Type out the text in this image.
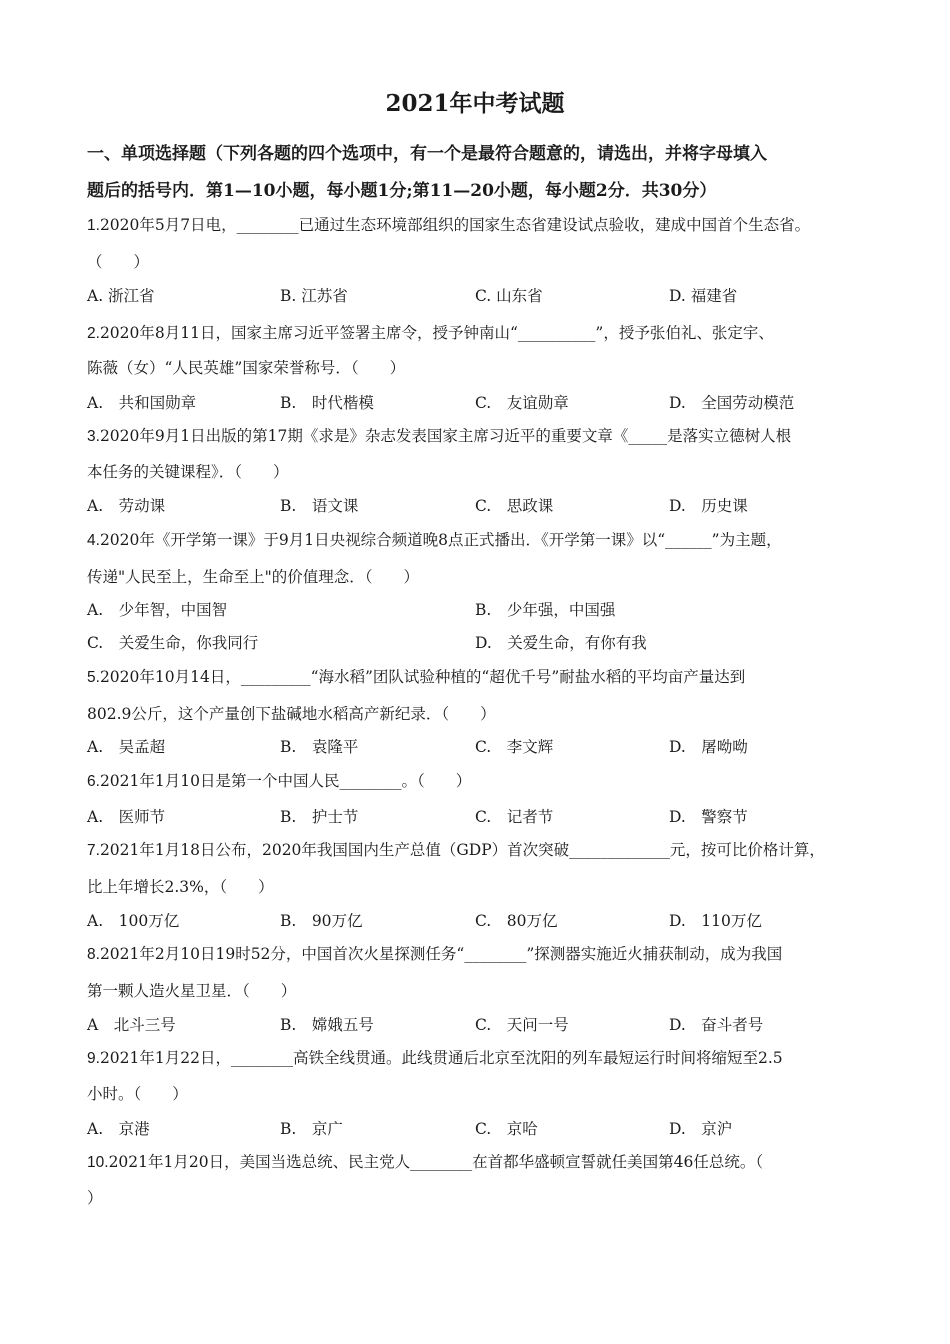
2021年中考试题
一、单项选择题（下列各题的四个选项中，有一个是最符合题意的，请选出，并将字母填入
题后的括号内．第1—10小题，每小题1分;第11—20小题，每小题2分．共30分）
1.2020年5月7日电，________已通过生态环境部组织的国家生态省建设试点验收，建成中国首个生态省。
（　　）
A. 浙江省	B. 江苏省	C. 山东省	D. 福建省
2.2020年8月11日，国家主席习近平签署主席令，授予钟南山“__________”，授予张伯礼、张定宇、
陈薇（女）“人民英雄”国家荣誉称号．（　　）
A.　共和国勋章	B.　时代楷模	C.　友谊勋章	D.　全国劳动模范
3.2020年9月1日出版的第17期《求是》杂志发表国家主席习近平的重要文章《_____是落实立德树人根
本任务的关键课程》．（　　）
A.　劳动课	B.　语文课	C.　思政课	D.　历史课
4.2020年《开学第一课》于9月1日央视综合频道晚8点正式播出．《开学第一课》以“______”为主题，
传递"人民至上，生命至上"的价值理念．（　　）
A.　少年智，中国智	B.　少年强，中国强
C.　关爱生命，你我同行	D.　关爱生命，有你有我
5.2020年10月14日，_________“海水稻”团队试验种植的“超优千号”耐盐水稻的平均亩产量达到
802.9公斤，这个产量创下盐碱地水稻高产新纪录．（　　）
A.　吴孟超	B.　袁隆平	C.　李文辉	D.　屠呦呦
6.2021年1月10日是第一个中国人民________。（　　）
A.　医师节	B.　护士节	C.　记者节	D.　警察节
7.2021年1月18日公布，2020年我国国内生产总值（GDP）首次突破_____________元，按可比价格计算，
比上年增长2.3%，（　　）
A.　100万亿	B.　90万亿	C.　80万亿	D.　110万亿
8.2021年2月10日19时52分，中国首次火星探测任务“________”探测器实施近火捕获制动，成为我国
第一颗人造火星卫星．（　　）
A　北斗三号	B.　嫦娥五号	C.　天问一号	D.　奋斗者号
9.2021年1月22日，________高铁全线贯通。此线贯通后北京至沈阳的列车最短运行时间将缩短至2.5
小时。（　　）
A.　京港	B.　京广	C.　京哈	D.　京沪
10.2021年1月20日，美国当选总统、民主党人________在首都华盛顿宣誓就任美国第46任总统。（
）
